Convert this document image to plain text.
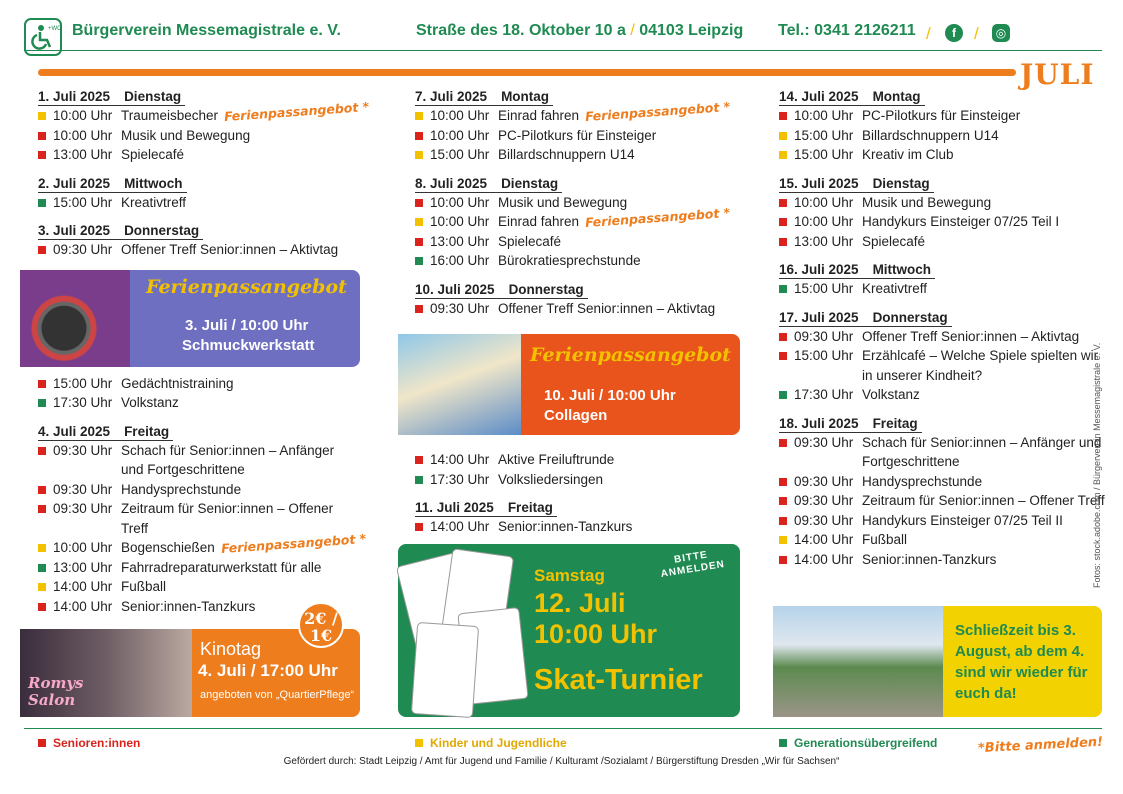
+WC Bürgerverein Messemagistrale e. V.	Straße des 18. Oktober 10 a / 04103 Leipzig Tel.: 0341 2126211 /	f	/	◎
JULI
1. Juli 2025 Dienstag
10:00 Uhr Traumeisbecher Ferienpassangebot *
10:00 Uhr Musik und Bewegung
13:00 Uhr Spielecafé
2. Juli 2025 Mittwoch
15:00 Uhr Kreativtreff
3. Juli 2025 Donnerstag
09:30 Uhr Offener Treff Senior:innen – Aktivtag
15:00 Uhr Gedächtnistraining
17:30 Uhr Volkstanz
4. Juli 2025 Freitag
09:30 Uhr Schach für Senior:innen – Anfänger und Fortgeschrittene
09:30 Uhr Handysprechstunde
09:30 Uhr Zeitraum für Senior:innen – Offener Treff
10:00 Uhr Bogenschießen Ferienpassangebot *
13:00 Uhr Fahrradreparaturwerkstatt für alle
14:00 Uhr Fußball
14:00 Uhr Senior:innen-Tanzkurs
7. Juli 2025 Montag
10:00 Uhr Einrad fahren Ferienpassangebot *
10:00 Uhr PC-Pilotkurs für Einsteiger
15:00 Uhr Billardschnuppern U14
8. Juli 2025 Dienstag
10:00 Uhr Musik und Bewegung
10:00 Uhr Einrad fahren Ferienpassangebot *
13:00 Uhr Spielecafé
16:00 Uhr Bürokratiesprechstunde
10. Juli 2025 Donnerstag
09:30 Uhr Offener Treff Senior:innen – Aktivtag
14:00 Uhr Aktive Freiluftrunde
17:30 Uhr Volksliedersingen
11. Juli 2025 Freitag
14:00 Uhr Senior:innen-Tanzkurs
14. Juli 2025 Montag
10:00 Uhr PC-Pilotkurs für Einsteiger
15:00 Uhr Billardschnuppern U14
15:00 Uhr Kreativ im Club
15. Juli 2025 Dienstag
10:00 Uhr Musik und Bewegung
10:00 Uhr Handykurs Einsteiger 07/25 Teil I
13:00 Uhr Spielecafé
16. Juli 2025 Mittwoch
15:00 Uhr Kreativtreff
17. Juli 2025 Donnerstag
09:30 Uhr Offener Treff Senior:innen – Aktivtag
15:00 Uhr Erzählcafé – Welche Spiele spielten wir in unserer Kindheit?
17:30 Uhr Volkstanz
18. Juli 2025 Freitag
09:30 Uhr Schach für Senior:innen – Anfänger und Fortgeschrittene
09:30 Uhr Handysprechstunde
09:30 Uhr Zeitraum für Senior:innen – Offener Treff
09:30 Uhr Handykurs Einsteiger 07/25 Teil II
14:00 Uhr Fußball
14:00 Uhr Senior:innen-Tanzkurs
Ferienpassangebot
3. Juli / 10:00 Uhr
Schmuckwerkstatt	Ferienpassangebot
10. Juli / 10:00 Uhr
Collagen
BITTE ANMELDEN
Samstag
12. Juli
10:00 Uhr
Skat-Turnier
Romys Salon
Kinotag
4. Juli / 17:00 Uhr
angeboten von „QuartierPflege“
2€ / 1€	Schließzeit bis 3. August, ab dem 4. sind wir wieder für euch da!
Fotos: stock.adobe.com / Bürgerverein Messemagistrale e. V.
Senioren:innen	Kinder und Jugendliche	Generationsübergreifend	*Bitte anmelden!
Gefördert durch: Stadt Leipzig / Amt für Jugend und Familie / Kulturamt /Sozialamt / Bürgerstiftung Dresden „Wir für Sachsen“
